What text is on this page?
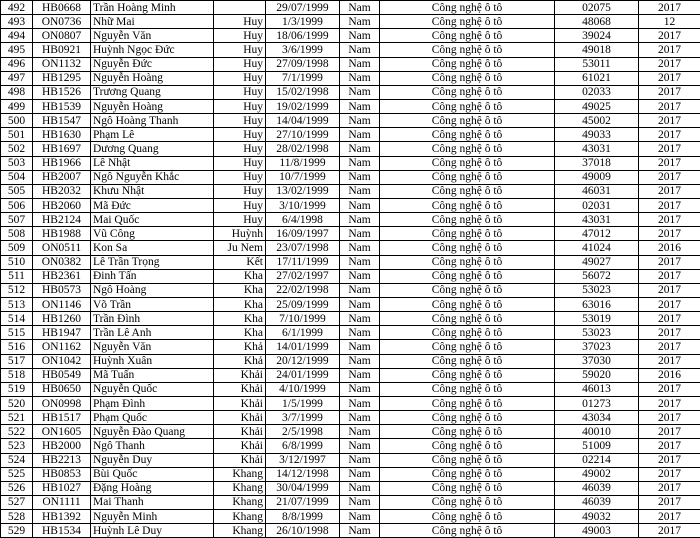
492	HB0668	Trần Hoàng Minh		29/07/1999	Nam	Công nghệ ô tô	02075	2017
493	ON0736	Nhữ Mai	Huy	1/3/1999	Nam	Công nghệ ô tô	48068	12
494	ON0807	Nguyễn Văn	Huy	18/06/1999	Nam	Công nghệ ô tô	39024	2017
495	HB0921	Huỳnh Ngọc Đức	Huy	3/6/1999	Nam	Công nghệ ô tô	49018	2017
496	ON1132	Nguyễn Đức	Huy	27/09/1998	Nam	Công nghệ ô tô	53011	2017
497	HB1295	Nguyễn Hoàng	Huy	7/1/1999	Nam	Công nghệ ô tô	61021	2017
498	HB1526	Trương Quang	Huy	15/02/1998	Nam	Công nghệ ô tô	02033	2017
499	HB1539	Nguyễn Hoàng	Huy	19/02/1999	Nam	Công nghệ ô tô	49025	2017
500	HB1547	Ngô Hoàng Thanh	Huy	14/04/1999	Nam	Công nghệ ô tô	45002	2017
501	HB1630	Phạm Lê	Huy	27/10/1999	Nam	Công nghệ ô tô	49033	2017
502	HB1697	Dương Quang	Huy	28/02/1998	Nam	Công nghệ ô tô	43031	2017
503	HB1966	Lê Nhật	Huy	11/8/1999	Nam	Công nghệ ô tô	37018	2017
504	HB2007	Ngô Nguyễn Khắc	Huy	10/7/1999	Nam	Công nghệ ô tô	49009	2017
505	HB2032	Khưu Nhật	Huy	13/02/1999	Nam	Công nghệ ô tô	46031	2017
506	HB2060	Mã Đức	Huy	3/10/1999	Nam	Công nghệ ô tô	02031	2017
507	HB2124	Mai Quốc	Huy	6/4/1998	Nam	Công nghệ ô tô	43031	2017
508	HB1988	Vũ Công	Huỳnh	16/09/1997	Nam	Công nghệ ô tô	47012	2017
509	ON0511	Kon Sa	Ju Nem	23/07/1998	Nam	Công nghệ ô tô	41024	2016
510	ON0382	Lê Trần Trọng	Kết	17/11/1999	Nam	Công nghệ ô tô	49027	2017
511	HB2361	Đinh Tấn	Kha	27/02/1997	Nam	Công nghệ ô tô	56072	2017
512	HB0573	Ngô Hoàng	Kha	22/02/1998	Nam	Công nghệ ô tô	53023	2017
513	ON1146	Võ Trần	Kha	25/09/1999	Nam	Công nghệ ô tô	63016	2017
514	HB1260	Trần Đình	Kha	7/10/1999	Nam	Công nghệ ô tô	53019	2017
515	HB1947	Trần Lê Anh	Kha	6/1/1999	Nam	Công nghệ ô tô	53023	2017
516	ON1162	Nguyễn Văn	Khả	14/01/1999	Nam	Công nghệ ô tô	37023	2017
517	ON1042	Huỳnh Xuân	Khả	20/12/1999	Nam	Công nghệ ô tô	37030	2017
518	HB0549	Mã Tuấn	Khải	24/01/1999	Nam	Công nghệ ô tô	59020	2016
519	HB0650	Nguyễn Quốc	Khải	4/10/1999	Nam	Công nghệ ô tô	46013	2017
520	ON0998	Phạm Đình	Khải	1/5/1999	Nam	Công nghệ ô tô	01273	2017
521	HB1517	Phạm Quốc	Khải	3/7/1999	Nam	Công nghệ ô tô	43034	2017
522	ON1605	Nguyễn Đào Quang	Khải	2/5/1998	Nam	Công nghệ ô tô	40010	2017
523	HB2000	Ngô Thanh	Khải	6/8/1999	Nam	Công nghệ ô tô	51009	2017
524	HB2213	Nguyễn Duy	Khải	3/12/1997	Nam	Công nghệ ô tô	02214	2017
525	HB0853	Bùi Quốc	Khang	14/12/1998	Nam	Công nghệ ô tô	49002	2017
526	HB1027	Đặng Hoàng	Khang	30/04/1999	Nam	Công nghệ ô tô	46039	2017
527	ON1111	Mai Thanh	Khang	21/07/1999	Nam	Công nghệ ô tô	46039	2017
528	HB1392	Nguyễn Minh	Khang	8/8/1999	Nam	Công nghệ ô tô	49032	2017
529	HB1534	Huỳnh Lê Duy	Khang	26/10/1998	Nam	Công nghệ ô tô	49003	2017
